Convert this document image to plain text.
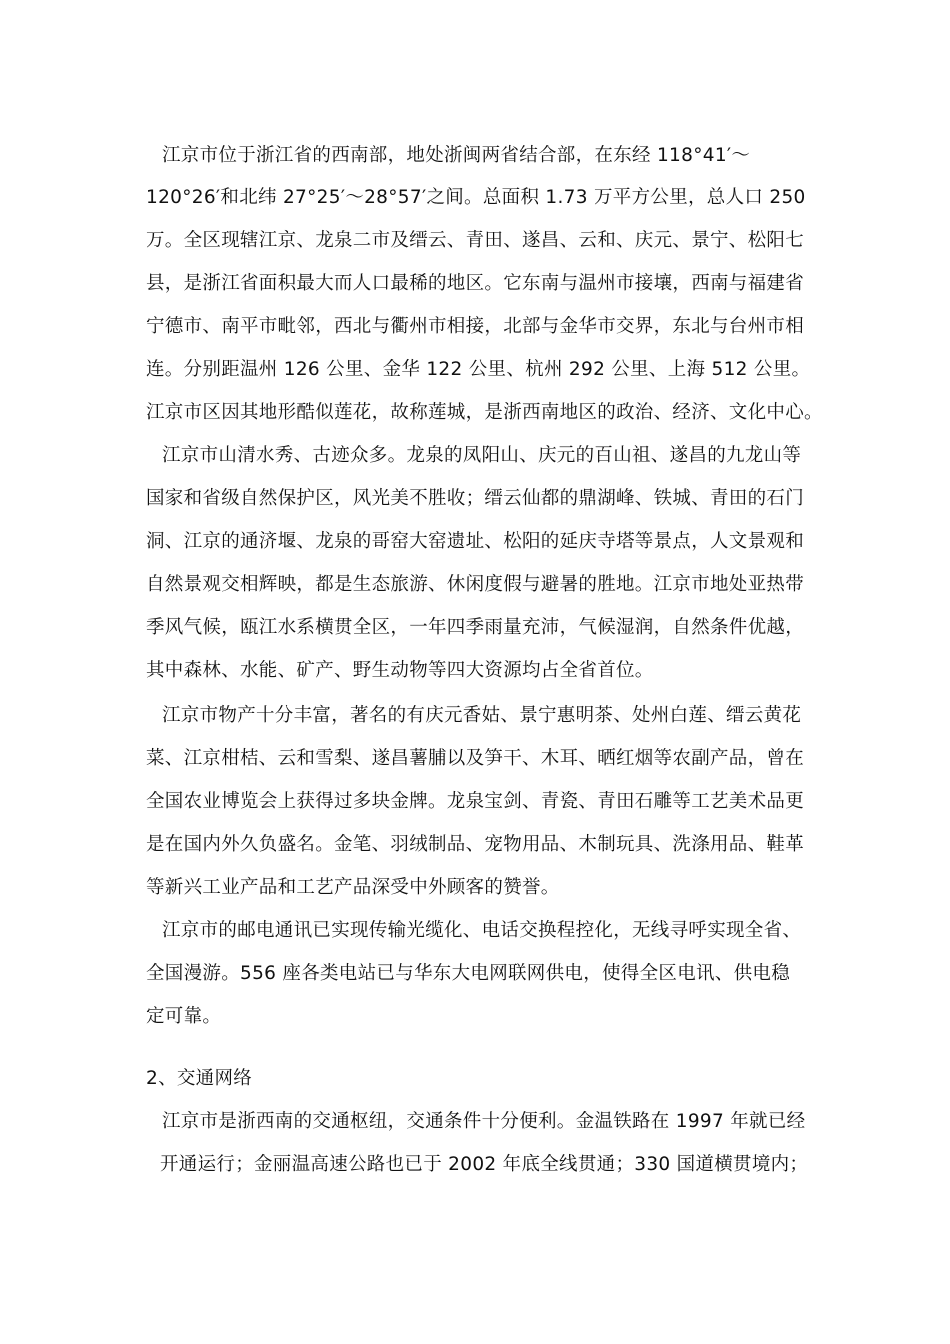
江京市位于浙江省的西南部，地处浙闽两省结合部，在东经 118°41′～
120°26′和北纬 27°25′～28°57′之间。总面积 1.73 万平方公里，总人口 250
万。全区现辖江京、龙泉二市及缙云、青田、遂昌、云和、庆元、景宁、松阳七
县，是浙江省面积最大而人口最稀的地区。它东南与温州市接壤，西南与福建省
宁德市、南平市毗邻，西北与衢州市相接，北部与金华市交界，东北与台州市相
连。分别距温州 126 公里、金华 122 公里、杭州 292 公里、上海 512 公里。
江京市区因其地形酷似莲花，故称莲城，是浙西南地区的政治、经济、文化中心。
江京市山清水秀、古迹众多。龙泉的凤阳山、庆元的百山祖、遂昌的九龙山等
国家和省级自然保护区，风光美不胜收；缙云仙都的鼎湖峰、铁城、青田的石门
洞、江京的通济堰、龙泉的哥窑大窑遗址、松阳的延庆寺塔等景点，人文景观和
自然景观交相辉映，都是生态旅游、休闲度假与避暑的胜地。江京市地处亚热带
季风气候，瓯江水系横贯全区，一年四季雨量充沛，气候湿润，自然条件优越，
其中森林、水能、矿产、野生动物等四大资源均占全省首位。
江京市物产十分丰富，著名的有庆元香姑、景宁惠明茶、处州白莲、缙云黄花
菜、江京柑桔、云和雪梨、遂昌薯脯以及笋干、木耳、晒红烟等农副产品，曾在
全国农业博览会上获得过多块金牌。龙泉宝剑、青瓷、青田石雕等工艺美术品更
是在国内外久负盛名。金笔、羽绒制品、宠物用品、木制玩具、洗涤用品、鞋革
等新兴工业产品和工艺产品深受中外顾客的赞誉。
江京市的邮电通讯已实现传输光缆化、电话交换程控化，无线寻呼实现全省、
全国漫游。556 座各类电站已与华东大电网联网供电，使得全区电讯、供电稳
定可靠。
2、交通网络
江京市是浙西南的交通枢纽，交通条件十分便利。金温铁路在 1997 年就已经
开通运行；金丽温高速公路也已于 2002 年底全线贯通；330 国道横贯境内；
